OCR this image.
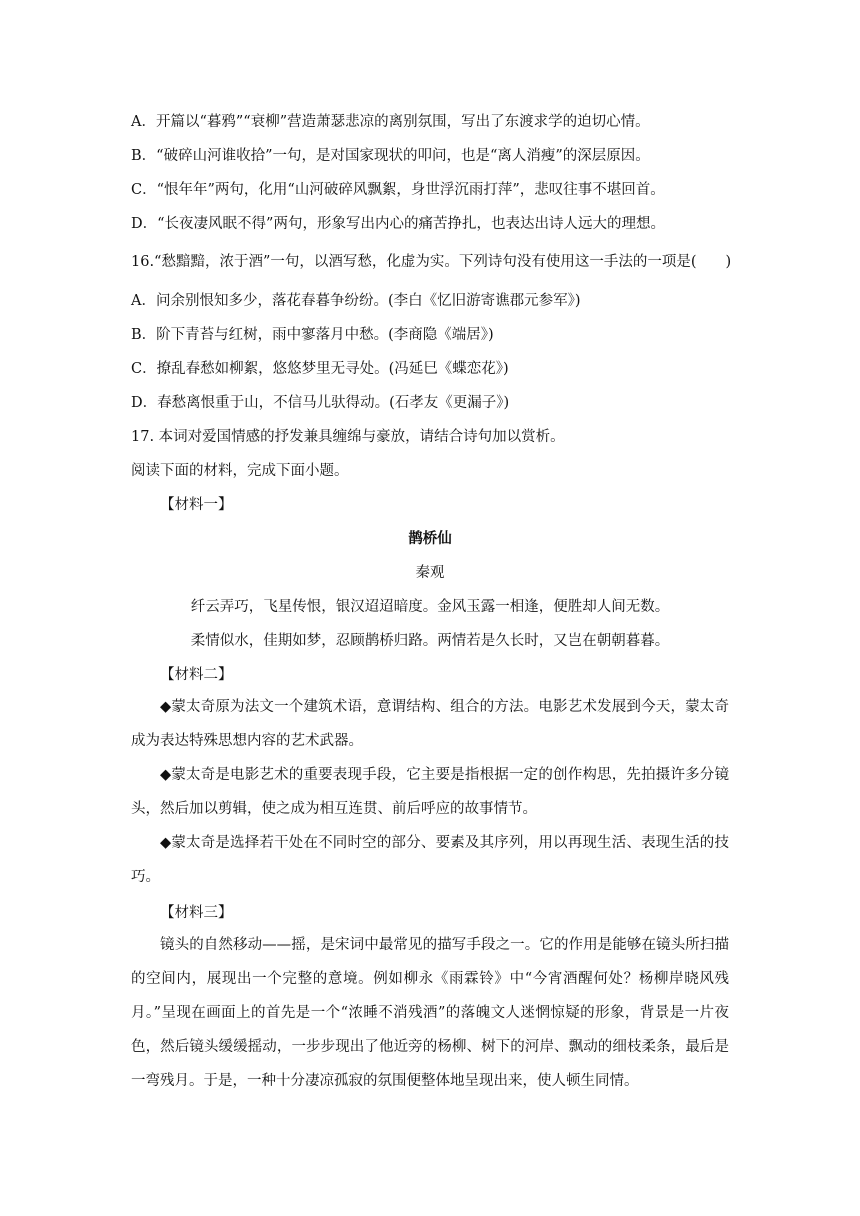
A．开篇以“暮鸦”“衰柳”营造萧瑟悲凉的离别氛围，写出了东渡求学的迫切心情。
B．“破碎山河谁收拾”一句，是对国家现状的叩问，也是“离人消瘦”的深层原因。
C．“恨年年”两句，化用“山河破碎风飘絮，身世浮沉雨打萍”，悲叹往事不堪回首。
D．“长夜凄风眠不得”两句，形象写出内心的痛苦挣扎，也表达出诗人远大的理想。
16.“愁黯黯，浓于酒”一句，以酒写愁，化虚为实。下列诗句没有使用这一手法的一项是(　　)
A．问余别恨知多少，落花春暮争纷纷。(李白《忆旧游寄谯郡元参军》)
B．阶下青苔与红树，雨中寥落月中愁。(李商隐《端居》)
C．撩乱春愁如柳絮，悠悠梦里无寻处。(冯延巳《蝶恋花》)
D．春愁离恨重于山，不信马儿驮得动。(石孝友《更漏子》)
17. 本词对爱国情感的抒发兼具缠绵与豪放，请结合诗句加以赏析。
阅读下面的材料，完成下面小题。
【材料一】
鹊桥仙
秦观
纤云弄巧，飞星传恨，银汉迢迢暗度。金风玉露一相逢，便胜却人间无数。
柔情似水，佳期如梦，忍顾鹊桥归路。两情若是久长时，又岂在朝朝暮暮。
【材料二】
◆蒙太奇原为法文一个建筑术语，意谓结构、组合的方法。电影艺术发展到今天，蒙太奇成为表达特殊思想内容的艺术武器。
◆蒙太奇是电影艺术的重要表现手段，它主要是指根据一定的创作构思，先拍摄许多分镜头，然后加以剪辑，使之成为相互连贯、前后呼应的故事情节。
◆蒙太奇是选择若干处在不同时空的部分、要素及其序列，用以再现生活、表现生活的技巧。
【材料三】
镜头的自然移动——摇，是宋词中最常见的描写手段之一。它的作用是能够在镜头所扫描的空间内，展现出一个完整的意境。例如柳永《雨霖铃》中“今宵酒醒何处？杨柳岸晓风残月。”呈现在画面上的首先是一个“浓睡不消残酒”的落魄文人迷惘惊疑的形象，背景是一片夜色，然后镜头缓缓摇动，一步步现出了他近旁的杨柳、树下的河岸、飘动的细枝柔条，最后是一弯残月。于是，一种十分凄凉孤寂的氛围便整体地呈现出来，使人顿生同情。
